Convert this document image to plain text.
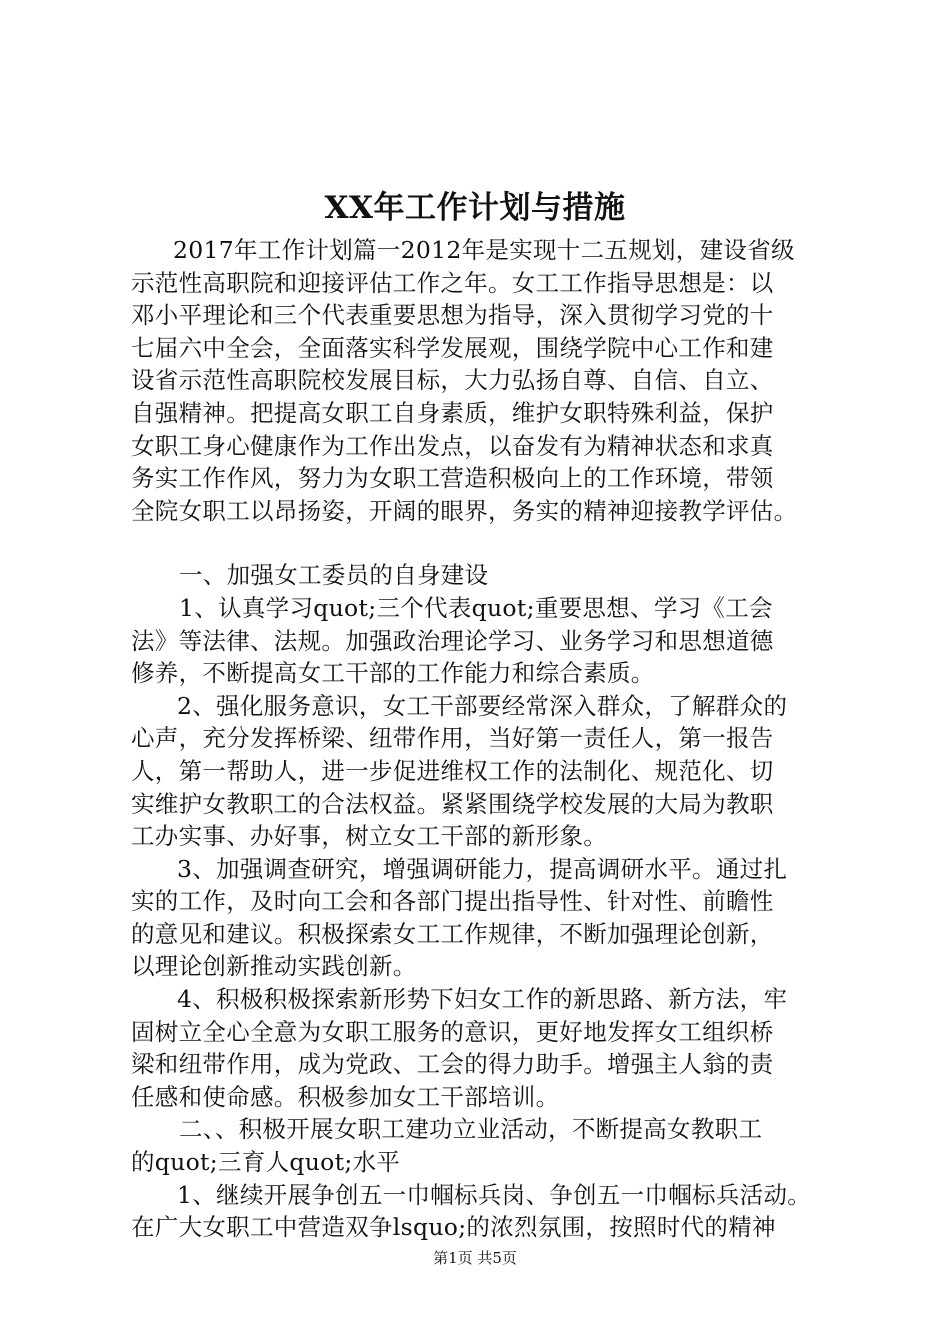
XX年工作计划与措施
2017年工作计划篇一2012年是实现十二五规划，建设省级
示范性高职院和迎接评估工作之年。女工工作指导思想是：以
邓小平理论和三个代表重要思想为指导，深入贯彻学习党的十
七届六中全会，全面落实科学发展观，围绕学院中心工作和建
设省示范性高职院校发展目标，大力弘扬自尊、自信、自立、
自强精神。把提高女职工自身素质，维护女职特殊利益，保护
女职工身心健康作为工作出发点，以奋发有为精神状态和求真
务实工作作风，努力为女职工营造积极向上的工作环境，带领
全院女职工以昂扬姿，开阔的眼界，务实的精神迎接教学评估。
一、加强女工委员的自身建设
1、认真学习quot;三个代表quot;重要思想、学习《工会
法》等法律、法规。加强政治理论学习、业务学习和思想道德
修养，不断提高女工干部的工作能力和综合素质。
2、强化服务意识，女工干部要经常深入群众，了解群众的
心声，充分发挥桥梁、纽带作用，当好第一责任人，第一报告
人，第一帮助人，进一步促进维权工作的法制化、规范化、切
实维护女教职工的合法权益。紧紧围绕学校发展的大局为教职
工办实事、办好事，树立女工干部的新形象。
3、加强调查研究，增强调研能力，提高调研水平。通过扎
实的工作，及时向工会和各部门提出指导性、针对性、前瞻性
的意见和建议。积极探索女工工作规律，不断加强理论创新，
以理论创新推动实践创新。
4、积极积极探索新形势下妇女工作的新思路、新方法，牢
固树立全心全意为女职工服务的意识，更好地发挥女工组织桥
梁和纽带作用，成为党政、工会的得力助手。增强主人翁的责
任感和使命感。积极参加女工干部培训。
二、、积极开展女职工建功立业活动，不断提高女教职工
的quot;三育人quot;水平
1、继续开展争创五一巾帼标兵岗、争创五一巾帼标兵活动。
在广大女职工中营造双争lsquo;的浓烈氛围，按照时代的精神
第1页 共5页
